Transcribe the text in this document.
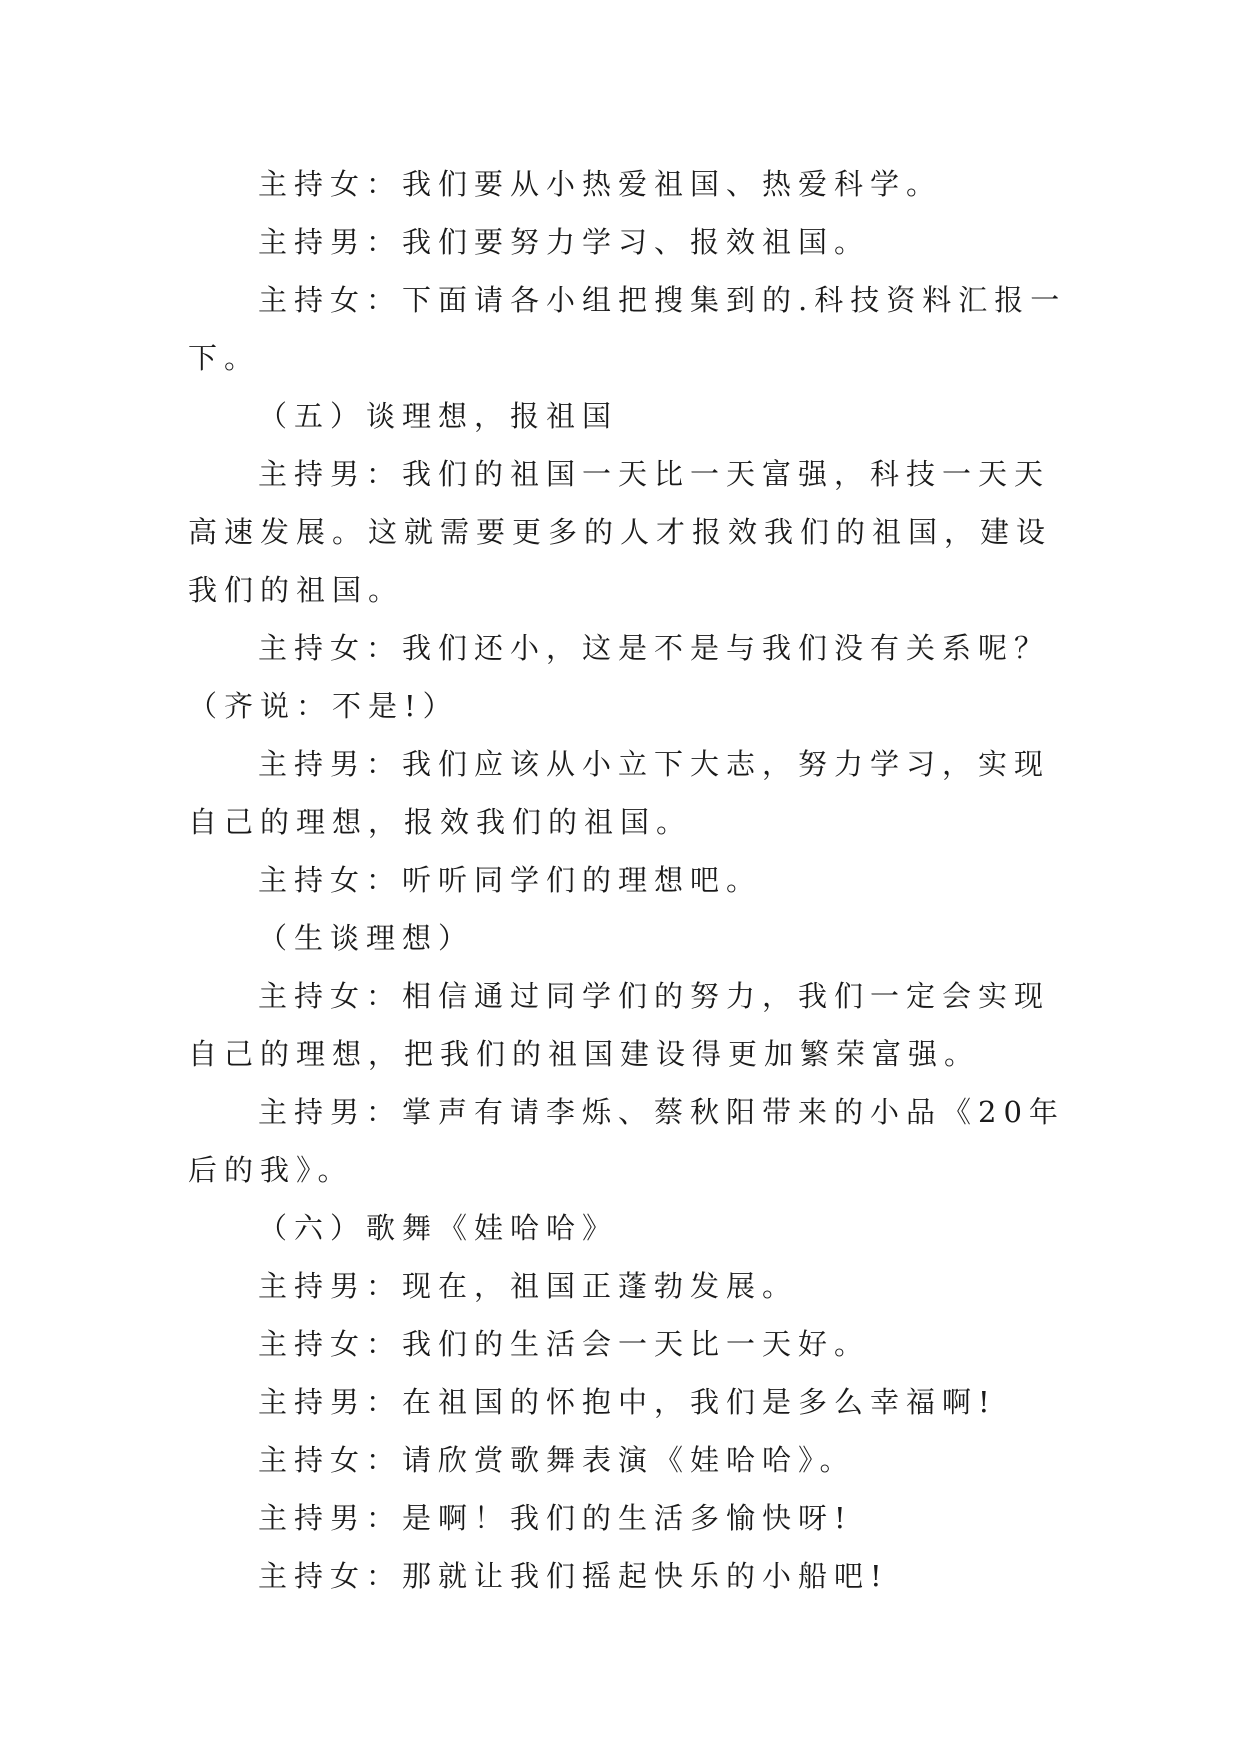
主持女：我们要从小热爱祖国、热爱科学。

主持男：我们要努力学习、报效祖国。

主持女：下面请各小组把搜集到的.科技资料汇报一下。

（五）谈理想，报祖国

主持男：我们的祖国一天比一天富强，科技一天天高速发展。这就需要更多的人才报效我们的祖国，建设我们的祖国。

主持女：我们还小，这是不是与我们没有关系呢？（齐说：不是!）

主持男：我们应该从小立下大志，努力学习，实现自己的理想，报效我们的祖国。

主持女：听听同学们的理想吧。

（生谈理想）

主持女：相信通过同学们的努力，我们一定会实现自己的理想，把我们的祖国建设得更加繁荣富强。

主持男：掌声有请李烁、蔡秋阳带来的小品《20年后的我》。

（六）歌舞《娃哈哈》

主持男：现在，祖国正蓬勃发展。

主持女：我们的生活会一天比一天好。

主持男：在祖国的怀抱中，我们是多么幸福啊!

主持女：请欣赏歌舞表演《娃哈哈》。

主持男：是啊！我们的生活多愉快呀!

主持女：那就让我们摇起快乐的小船吧!
